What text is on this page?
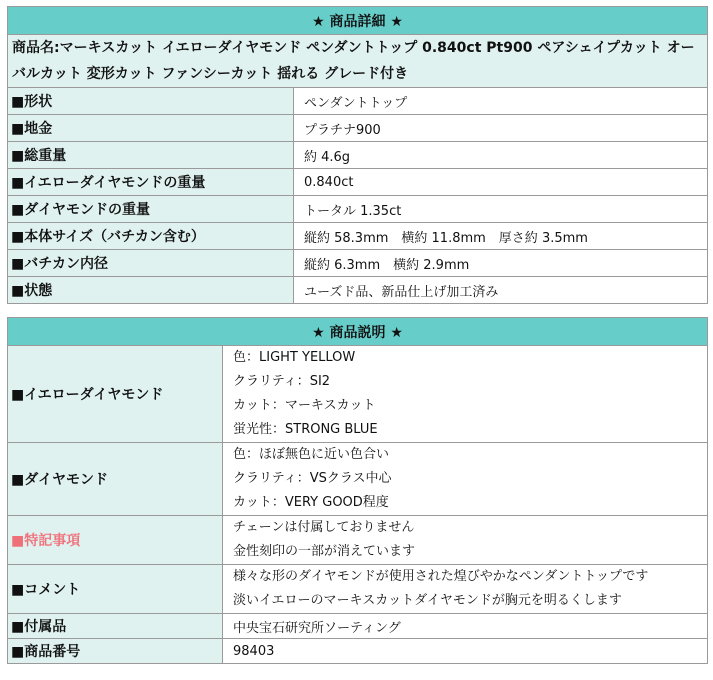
★ 商品詳細 ★	
商品名:マーキスカット イエローダイヤモンド ペンダントトップ 0.840ct Pt900 ペアシェイプカット オーバルカット 変形カット ファンシーカット 揺れる グレード付き	
■形状	ペンダントトップ
■地金	プラチナ900
■総重量	約 4.6g
■イエローダイヤモンドの重量	0.840ct
■ダイヤモンドの重量	トータル 1.35ct
■本体サイズ（バチカン含む）	縦約 58.3mm　横約 11.8mm　厚さ約 3.5mm
■バチカン内径	縦約 6.3mm　横約 2.9mm
■状態	ユーズド品、新品仕上げ加工済み
★ 商品説明 ★	
■イエローダイヤモンド	色：LIGHT YELLOW
クラリティ：SI2
カット：マーキスカット
蛍光性：STRONG BLUE

■ダイヤモンド	色：ほぼ無色に近い色合い
クラリティ：VSクラス中心
カット：VERY GOOD程度

■特記事項	チェーンは付属しておりません
金性刻印の一部が消えています

■コメント	様々な形のダイヤモンドが使用された煌びやかなペンダントトップです
淡いイエローのマーキスカットダイヤモンドが胸元を明るくします

■付属品	中央宝石研究所ソーティング
■商品番号	98403
